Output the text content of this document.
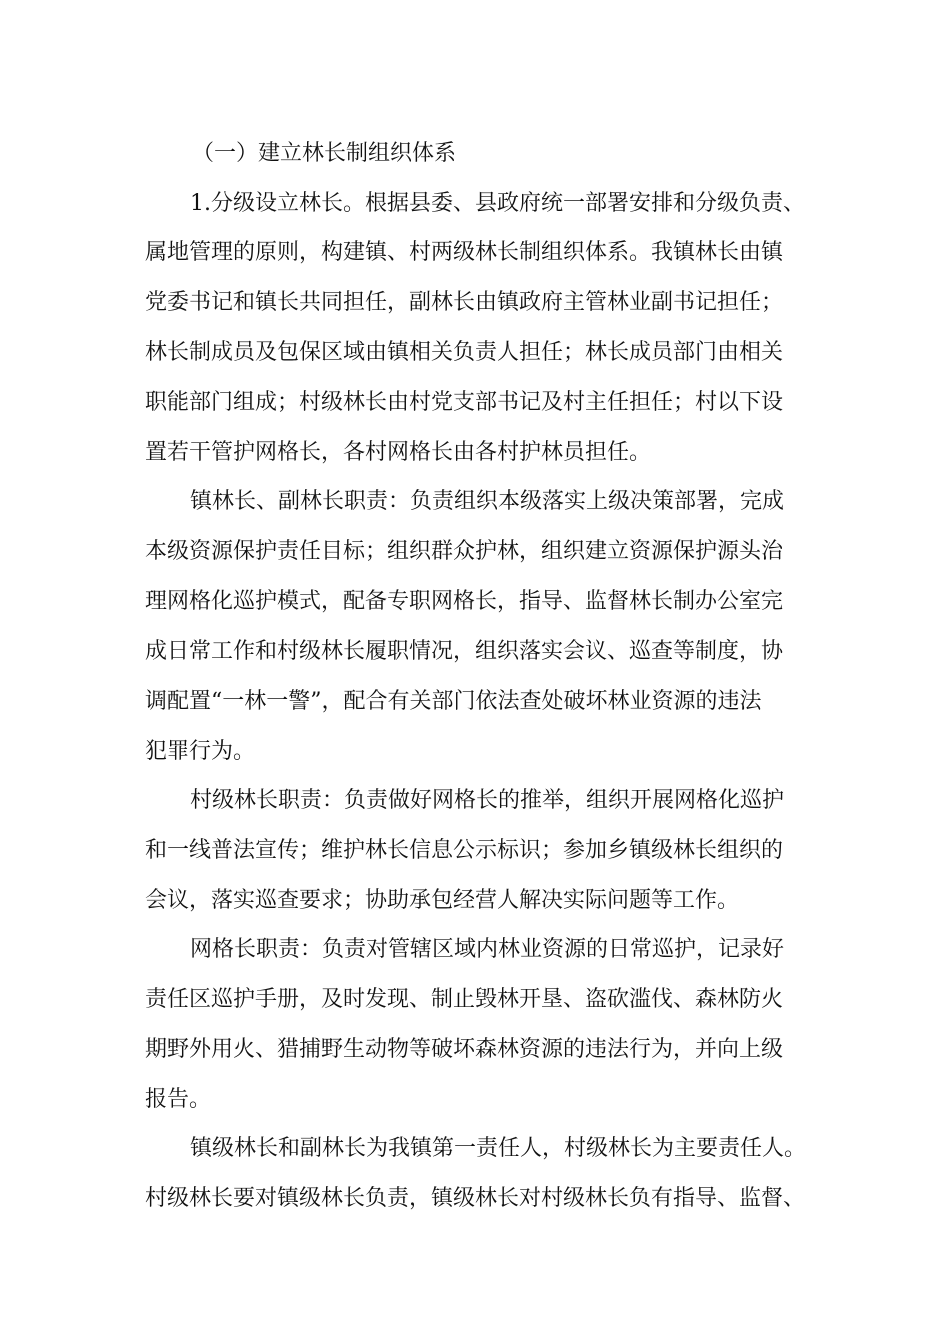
（一）建立林长制组织体系
1.分级设立林长。根据县委、县政府统一部署安排和分级负责、
属地管理的原则，构建镇、村两级林长制组织体系。我镇林长由镇
党委书记和镇长共同担任，副林长由镇政府主管林业副书记担任；
林长制成员及包保区域由镇相关负责人担任；林长成员部门由相关
职能部门组成；村级林长由村党支部书记及村主任担任；村以下设
置若干管护网格长，各村网格长由各村护林员担任。
镇林长、副林长职责：负责组织本级落实上级决策部署，完成
本级资源保护责任目标；组织群众护林，组织建立资源保护源头治
理网格化巡护模式，配备专职网格长，指导、监督林长制办公室完
成日常工作和村级林长履职情况，组织落实会议、巡查等制度，协
调配置“一林一警”，配合有关部门依法查处破坏林业资源的违法
犯罪行为。
村级林长职责：负责做好网格长的推举，组织开展网格化巡护
和一线普法宣传；维护林长信息公示标识；参加乡镇级林长组织的
会议，落实巡查要求；协助承包经营人解决实际问题等工作。
网格长职责：负责对管辖区域内林业资源的日常巡护，记录好
责任区巡护手册，及时发现、制止毁林开垦、盗砍滥伐、森林防火
期野外用火、猎捕野生动物等破坏森林资源的违法行为，并向上级
报告。
镇级林长和副林长为我镇第一责任人，村级林长为主要责任人。
村级林长要对镇级林长负责，镇级林长对村级林长负有指导、监督、
